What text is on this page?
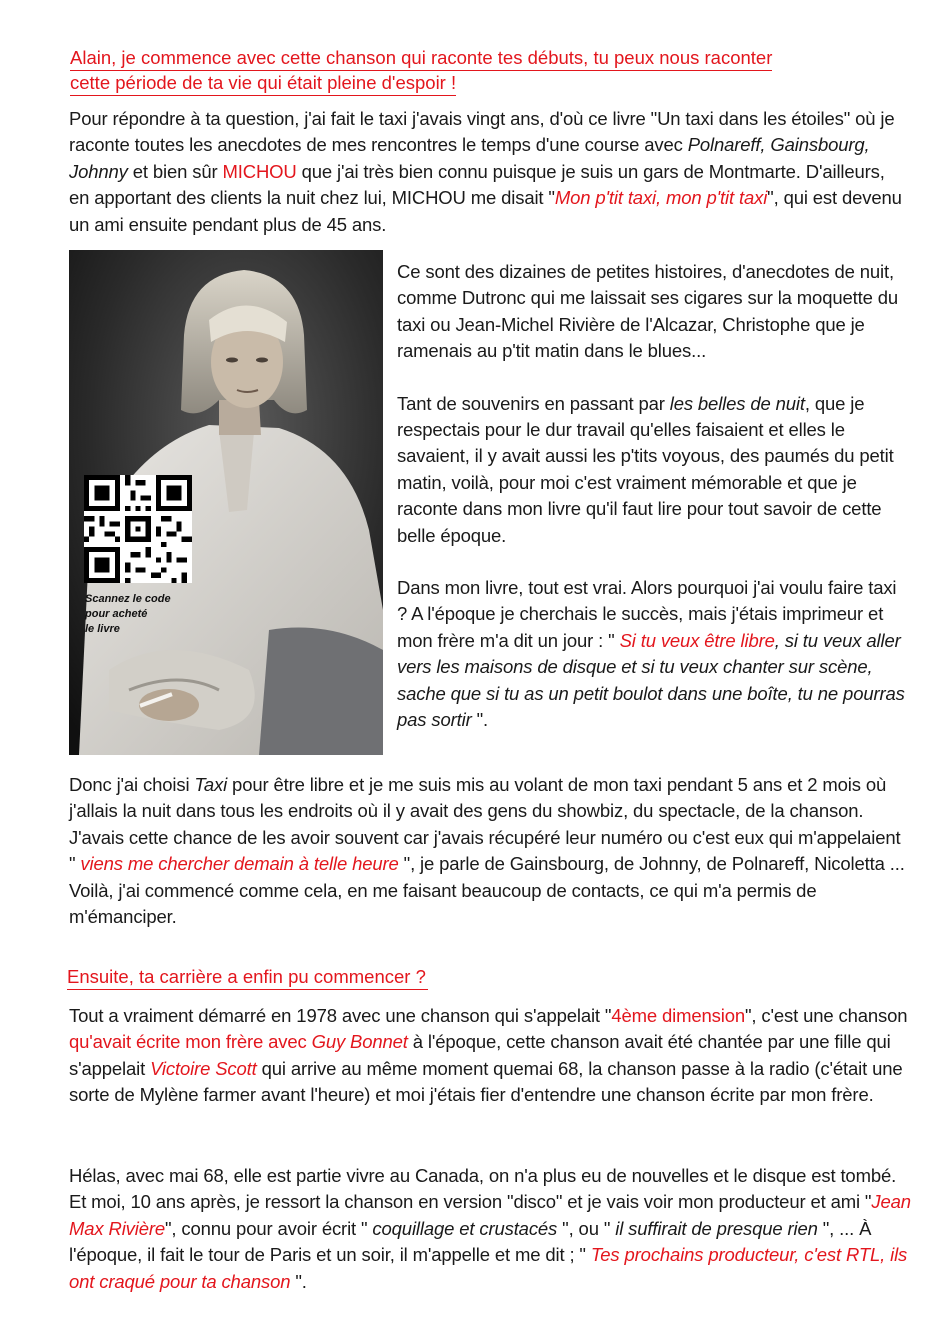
Alain, je commence avec cette chanson qui raconte tes débuts, tu peux nous raconter
cette période de ta vie qui était pleine d'espoir !
Pour répondre à ta question, j'ai fait le taxi j'avais vingt ans, d'où ce livre "Un taxi dans les étoiles" où je raconte toutes les anecdotes de mes rencontres le temps d'une course avec Polnareff, Gainsbourg, Johnny et bien sûr MICHOU que j'ai très bien connu puisque je suis un gars de Montmarte. D'ailleurs, en apportant des clients la nuit chez lui, MICHOU me disait "Mon p'tit taxi, mon p'tit taxi", qui est devenu un ami ensuite pendant plus de 45 ans.
Scannez le code
pour acheté
le livre
Ce sont des dizaines de petites histoires, d'anecdotes de nuit, comme Dutronc qui me laissait ses cigares sur la moquette du taxi ou Jean-Michel Rivière de l'Alcazar, Christophe que je ramenais au p'tit matin dans le blues...
Tant de souvenirs en passant par les belles de nuit, que je respectais pour le dur travail qu'elles faisaient et elles le savaient, il y avait aussi les p'tits voyous, des paumés du petit matin, voilà, pour moi c'est vraiment mémorable et que je raconte dans mon livre qu'il faut lire pour tout savoir de cette belle époque.
Dans mon livre, tout est vrai. Alors pourquoi j'ai voulu faire taxi ? A l'époque je cherchais le succès, mais j'étais imprimeur et mon frère m'a dit un jour : " Si tu veux être libre, si tu veux aller vers les maisons de disque et si tu veux chanter sur scène, sache que si tu as un petit boulot dans une boîte, tu ne pourras pas sortir ".
Donc j'ai choisi Taxi pour être libre et je me suis mis au volant de mon taxi pendant 5 ans et 2 mois où j'allais la nuit dans tous les endroits où il y avait des gens du showbiz, du spectacle, de la chanson. J'avais cette chance de les avoir souvent car j'avais récupéré leur numéro ou c'est eux qui m'appelaient " viens me chercher demain à telle heure ", je parle de Gainsbourg, de Johnny, de Polnareff, Nicoletta ... Voilà, j'ai commencé comme cela, en me faisant beaucoup de contacts, ce qui m'a permis de m'émanciper.
Ensuite, ta carrière a enfin pu commencer ?
Tout a vraiment démarré en 1978 avec une chanson qui s'appelait "4ème dimension", c'est une chanson qu'avait écrite mon frère avec Guy Bonnet à l'époque, cette chanson avait été chantée par une fille qui s'appelait Victoire Scott qui arrive au même moment quemai 68, la chanson passe à la radio (c'était une sorte de Mylène farmer avant l'heure) et moi j'étais fier d'entendre une chanson écrite par mon frère.
Hélas, avec mai 68, elle est partie vivre au Canada, on n'a plus eu de nouvelles et le disque est tombé. Et moi, 10 ans après, je ressort la chanson en version "disco" et je vais voir mon producteur et ami "Jean Max Rivière", connu pour avoir écrit " coquillage et crustacés ", ou " il suffirait de presque rien ", ... À l'époque, il fait le tour de Paris et un soir, il m'appelle et me dit ; " Tes prochains producteur, c'est RTL, ils ont craqué pour ta chanson ".
